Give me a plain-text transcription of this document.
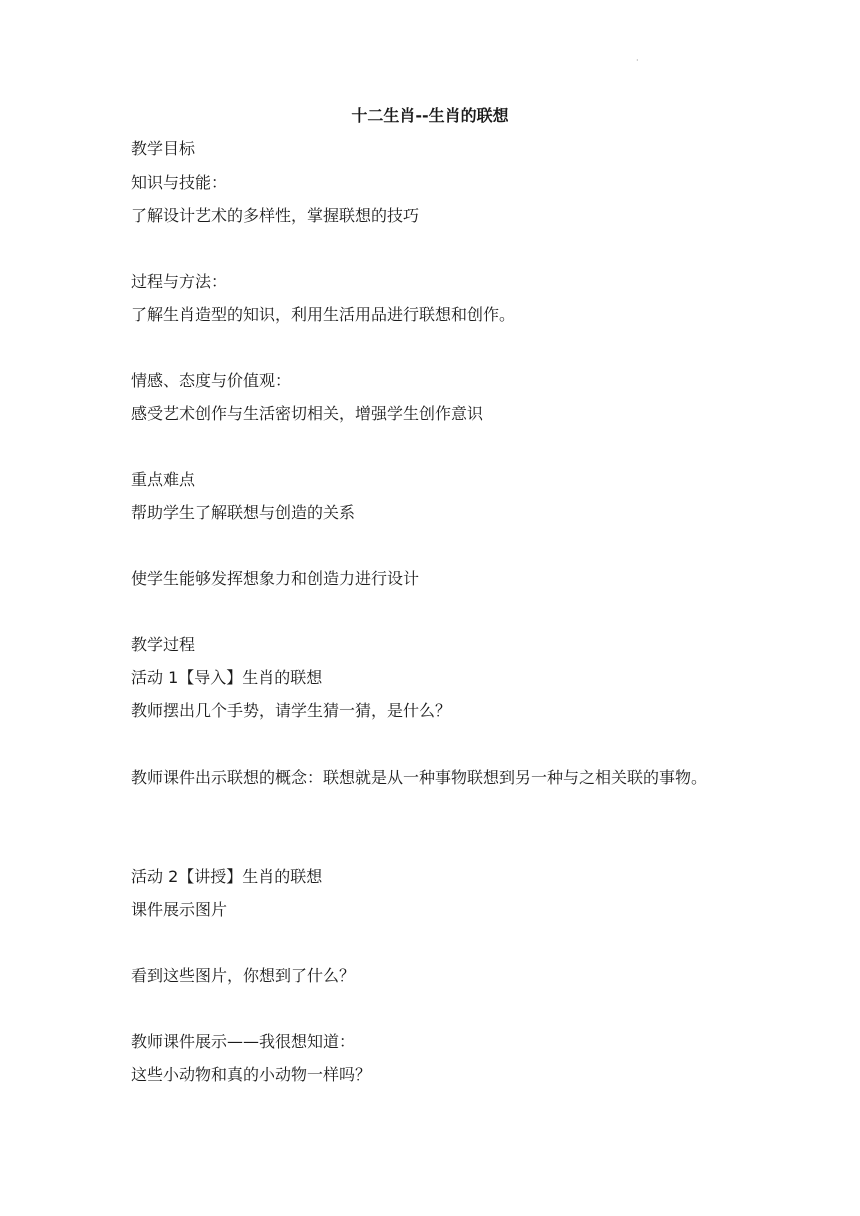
·
十二生肖--生肖的联想
教学目标
知识与技能：
了解设计艺术的多样性，掌握联想的技巧
过程与方法：
了解生肖造型的知识，利用生活用品进行联想和创作。
情感、态度与价值观：
感受艺术创作与生活密切相关，增强学生创作意识
重点难点
帮助学生了解联想与创造的关系
使学生能够发挥想象力和创造力进行设计
教学过程
活动 1【导入】生肖的联想
教师摆出几个手势，请学生猜一猜，是什么？
教师课件出示联想的概念：联想就是从一种事物联想到另一种与之相关联的事物。
活动 2【讲授】生肖的联想
课件展示图片
看到这些图片，你想到了什么？
教师课件展示——我很想知道：
这些小动物和真的小动物一样吗？
